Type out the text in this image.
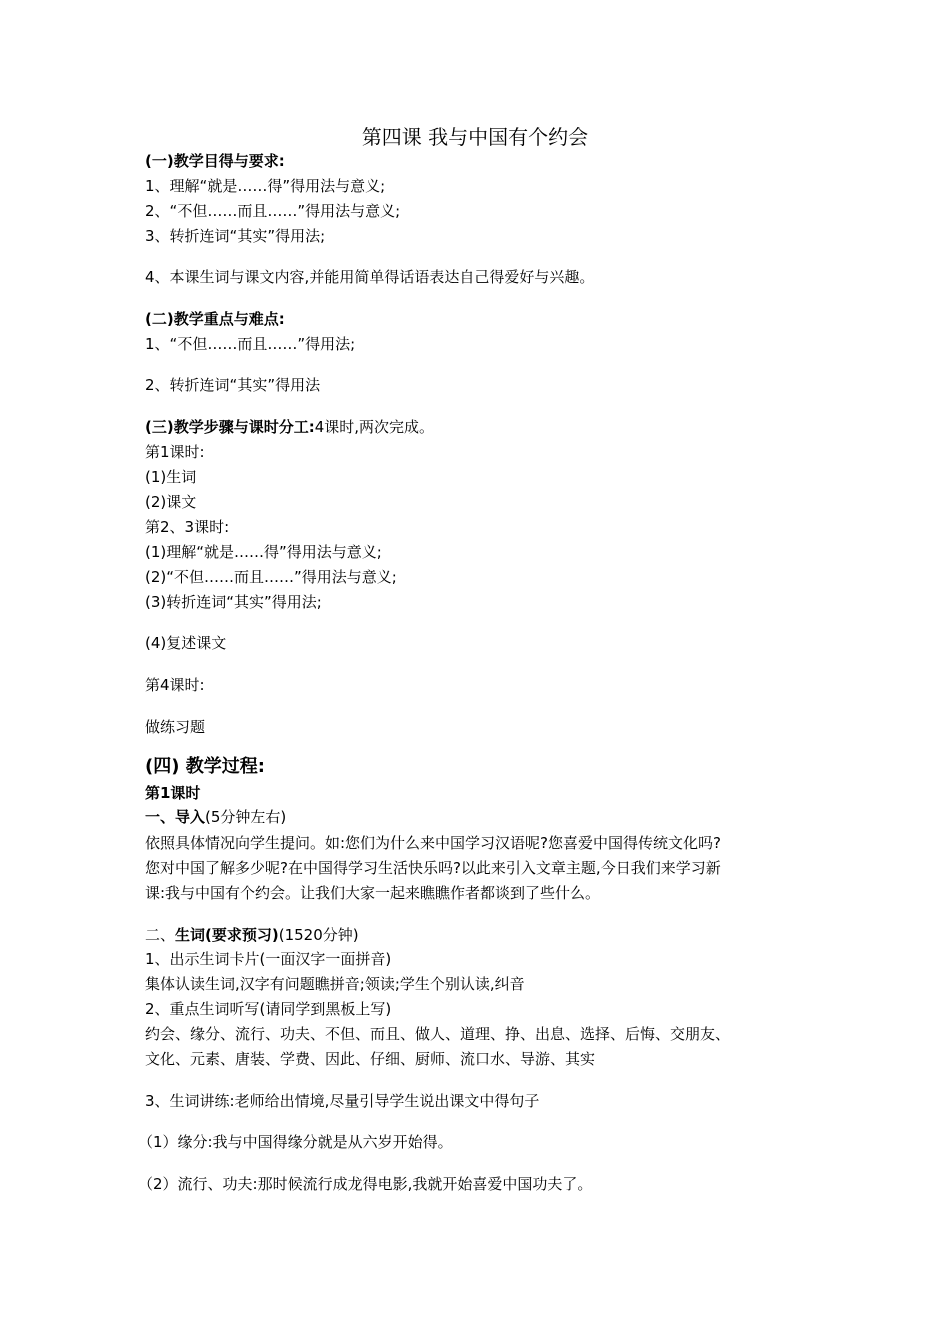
第四课 我与中国有个约会
(一)教学目得与要求:
1、理解“就是……得”得用法与意义;
2、“不但……而且……”得用法与意义;
3、转折连词“其实”得用法;
4、本课生词与课文内容,并能用简单得话语表达自己得爱好与兴趣。
(二)教学重点与难点:
1、“不但……而且……”得用法;
2、转折连词“其实”得用法
(三)教学步骤与课时分工:4课时,两次完成。
第1课时:
(1)生词
(2)课文
第2、3课时:
(1)理解“就是……得”得用法与意义;
(2)“不但……而且……”得用法与意义;
(3)转折连词“其实”得用法;
(4)复述课文
第4课时:
做练习题
(四) 教学过程:
第1课时
一、导入(5分钟左右)
依照具体情况向学生提问。如:您们为什么来中国学习汉语呢?您喜爱中国得传统文化吗?
您对中国了解多少呢?在中国得学习生活快乐吗?以此来引入文章主题,今日我们来学习新
课:我与中国有个约会。让我们大家一起来瞧瞧作者都谈到了些什么。
二、生词(要求预习)(1520分钟)
1、出示生词卡片(一面汉字一面拼音)
集体认读生词,汉字有问题瞧拼音;领读;学生个别认读,纠音
2、重点生词听写(请同学到黑板上写)
约会、缘分、流行、功夫、不但、而且、做人、道理、挣、出息、选择、后悔、交朋友、
文化、元素、唐装、学费、因此、仔细、厨师、流口水、导游、其实
3、生词讲练:老师给出情境,尽量引导学生说出课文中得句子
（1）缘分:我与中国得缘分就是从六岁开始得。
（2）流行、功夫:那时候流行成龙得电影,我就开始喜爱中国功夫了。
